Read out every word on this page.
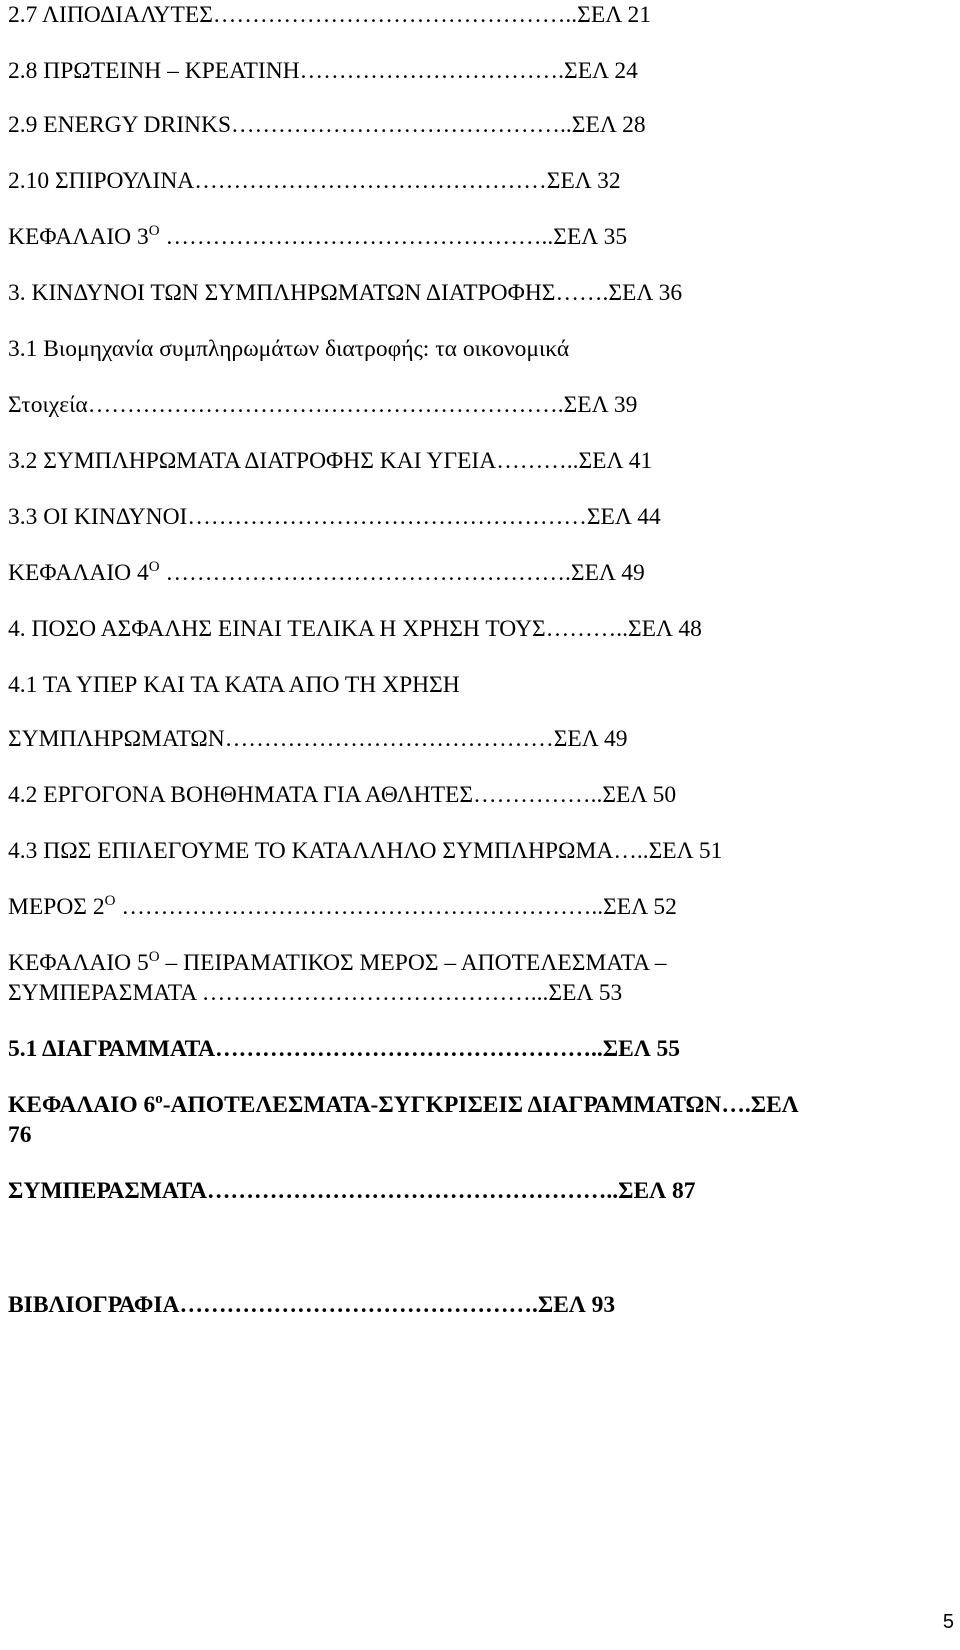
2.7 ΛΙΠΟΔΙΑΛΥΤΕΣ………………………………………..ΣΕΛ 21
2.8 ΠΡΩΤΕΙΝΗ – ΚΡΕΑΤΙΝΗ…………………………….ΣΕΛ 24
2.9 ENERGY DRINKS……………………………………..ΣΕΛ 28
2.10 ΣΠΙΡΟΥΛΙΝΑ………………………………………ΣΕΛ 32
ΚΕΦΑΛΑΙΟ $3^O$ …………………………………………..ΣΕΛ 35
3. ΚΙΝΔΥΝΟΙ ΤΩΝ ΣΥΜΠΛΗΡΩΜΑΤΩΝ ΔΙΑΤΡΟΦΗΣ…….ΣΕΛ 36
3.1 Βιομηχανία συμπληρωμάτων διατροφής: τα οικονομικά
Στοιχεία…………………………………………………….ΣΕΛ 39
3.2 ΣΥΜΠΛΗΡΩΜΑΤΑ ΔΙΑΤΡΟΦΗΣ ΚΑΙ ΥΓΕΙΑ………..ΣΕΛ 41
3.3 ΟΙ ΚΙΝΔΥΝΟΙ……………………………………………ΣΕΛ 44
ΚΕΦΑΛΑΙΟ $4^O$ …………………………………………….ΣΕΛ 49
4. ΠΟΣΟ ΑΣΦΑΛΗΣ ΕΙΝΑΙ ΤΕΛΙΚΑ Η ΧΡΗΣΗ ΤΟΥΣ………..ΣΕΛ 48
4.1 ΤΑ ΥΠΕΡ ΚΑΙ ΤΑ ΚΑΤΑ ΑΠΟ ΤΗ ΧΡΗΣΗ
ΣΥΜΠΛΗΡΩΜΑΤΩΝ……………………………………ΣΕΛ 49
4.2 ΕΡΓΟΓΟΝΑ ΒΟΗΘΗΜΑΤΑ ΓΙΑ ΑΘΛΗΤΕΣ……………..ΣΕΛ 50
4.3 ΠΩΣ ΕΠΙΛΕΓΟΥΜΕ ΤΟ ΚΑΤΑΛΛΗΛΟ ΣΥΜΠΛΗΡΩΜΑ…..ΣΕΛ 51
ΜΕΡΟΣ $2^O$ ……………………………………………………..ΣΕΛ 52
ΚΕΦΑΛΑΙΟ $5^O$ – ΠΕΙΡΑΜΑΤΙΚΟΣ ΜΕΡΟΣ – ΑΠΟΤΕΛΕΣΜΑΤΑ –
ΣΥΜΠΕΡΑΣΜΑΤΑ ……………………………………...ΣΕΛ 53
5.1 ΔΙΑΓΡΑΜΜΑΤΑ…………………………………………..ΣΕΛ 55
ΚΕΦΑΛΑΙΟ $6^o-A\Pi OTE\Lambda E\Sigma MATA$-ΣΥΓΚΡΙΣΕΙΣ ΔΙΑΓΡΑΜΜΑΤΩΝ….ΣΕΛ
76
ΣΥΜΠΕΡΑΣΜΑΤΑ……………………………………………..ΣΕΛ 87
ΒΙΒΛΙΟΓΡΑΦΙΑ……………………………………….ΣΕΛ 93
5
